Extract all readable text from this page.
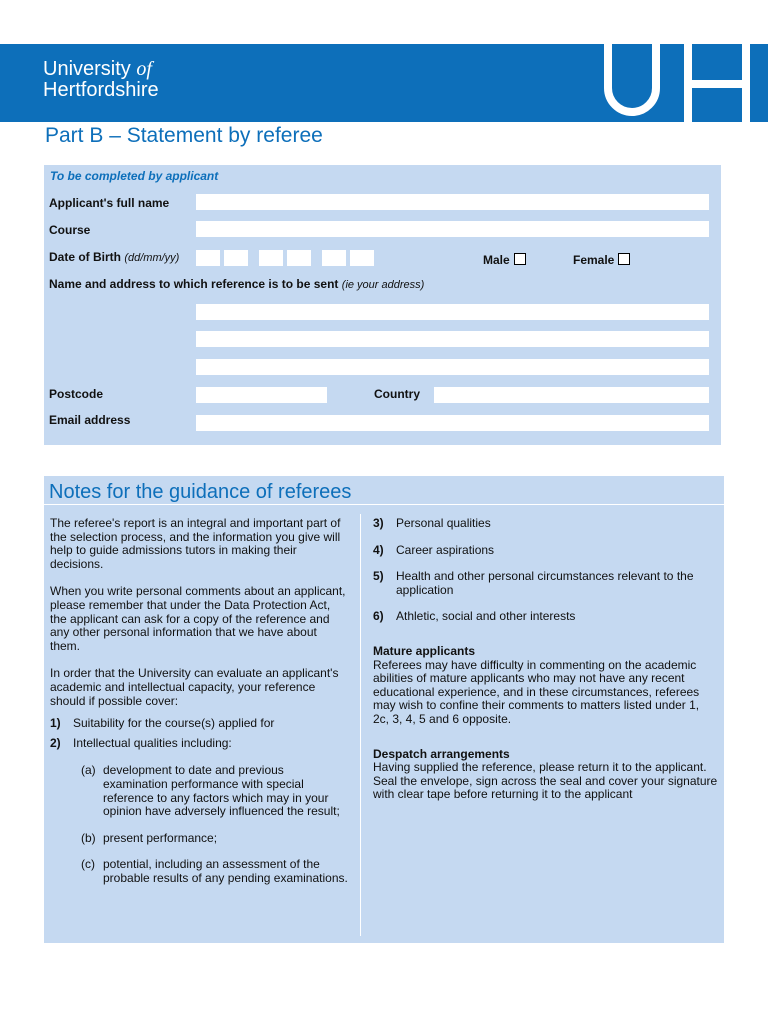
University of
Hertfordshire
Part B – Statement by referee
To be completed by applicant
Applicant's full name
Course
Date of Birth (dd/mm/yy)	Male	Female
Name and address to which reference is to be sent (ie your address)
Postcode	Country
Email address
Notes for the guidance of referees

The referee's report is an integral and important part of the selection process, and the information you give will help to guide admissions tutors in making their decisions.

When you write personal comments about an applicant, please remember that under the Data Protection Act, the applicant can ask for a copy of the reference and any other personal information that we have about them.

In order that the University can evaluate an applicant's academic and intellectual capacity, your reference should if possible cover:

1) Suitability for the course(s) applied for
2) Intellectual qualities including:
(a) development to date and previous examination performance with special reference to any factors which may in your opinion have adversely influenced the result;
(b) present performance;
(c) potential, including an assessment of the probable results of any pending examinations.
3) Personal qualities
4) Career aspirations
5) Health and other personal circumstances relevant to the application
6) Athletic, social and other interests

Mature applicants

Referees may have difficulty in commenting on the academic abilities of mature applicants who may not have any recent educational experience, and in these circumstances, referees may wish to confine their comments to matters listed under 1, 2c, 3, 4, 5 and 6 opposite.

Despatch arrangements

Having supplied the reference, please return it to the applicant.

Seal the envelope, sign across the seal and cover your signature with clear tape before returning it to the applicant
